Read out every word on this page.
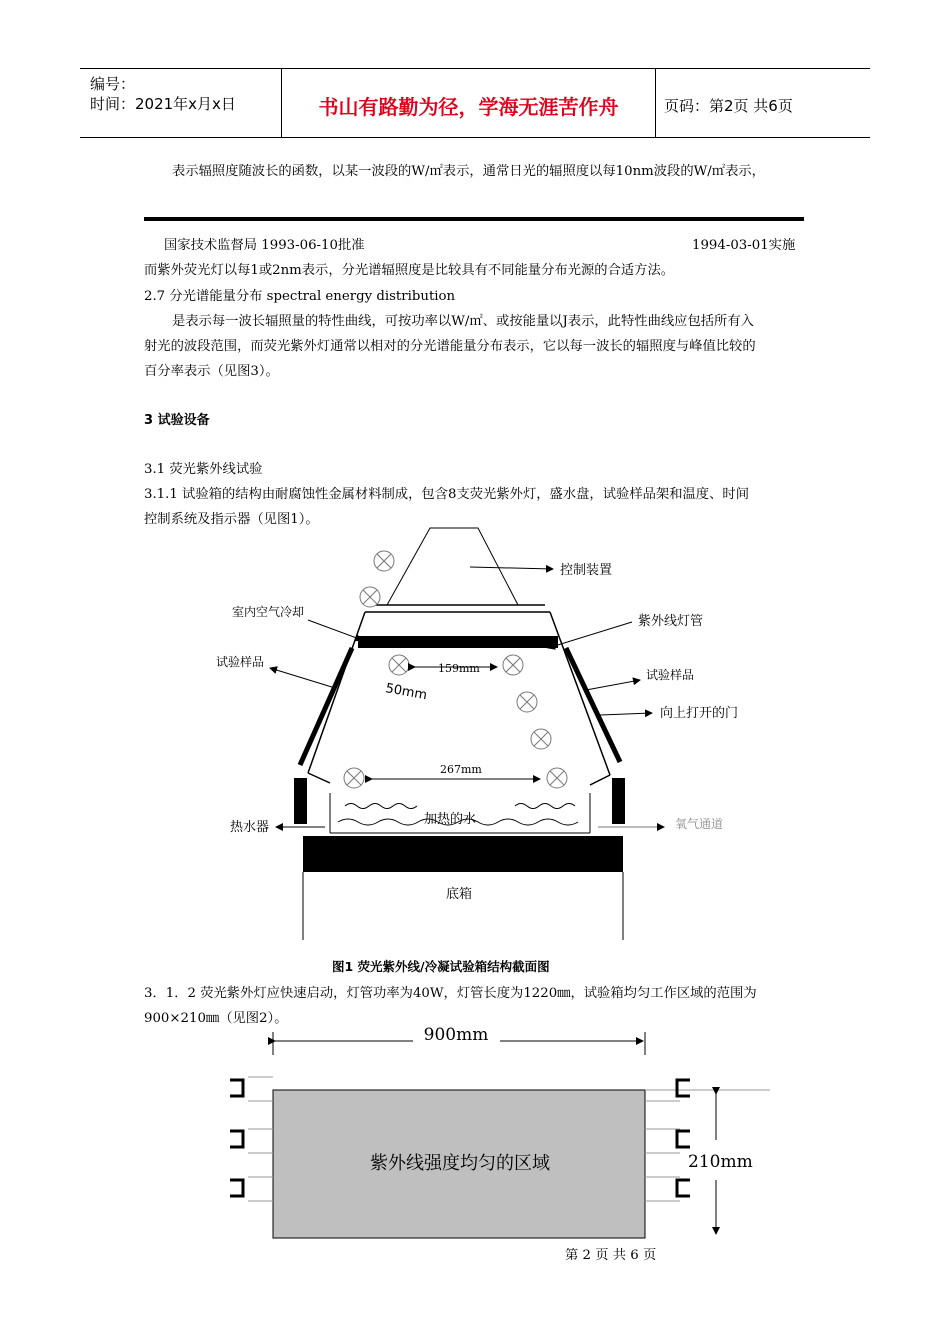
编号：
时间：2021年x月x日	书山有路勤为径，学海无涯苦作舟	页码：第2页 共6页
表示辐照度随波长的函数，以某一波段的W/㎡表示，通常日光的辐照度以每10nm波段的W/㎡表示，
国家技术监督局 1993-06-10批准	1994-03-01实施
而紫外荧光灯以每1或2nm表示，分光谱辐照度是比较具有不同能量分布光源的合适方法。
2.7 分光谱能量分布 spectral energy distribution
是表示每一波长辐照量的特性曲线，可按功率以W/㎡、或按能量以J表示，此特性曲线应包括所有入
射光的波段范围，而荧光紫外灯通常以相对的分光谱能量分布表示，它以每一波长的辐照度与峰值比较的
百分率表示（见图3）。
3 试验设备
3.1 荧光紫外线试验
3.1.1 试验箱的结构由耐腐蚀性金属材料制成，包含8支荧光紫外灯，盛水盘，试验样品架和温度、时间
控制系统及指示器（见图1）。
控制装置
室内空气冷却
紫外线灯管
试验样品
试验样品
159mm
50mm
向上打开的门
267mm
加热的水
热水器	氧气通道
底箱
900mm
紫外线强度均匀的区域	210mm
图1 荧光紫外线/冷凝试验箱结构截面图
3．1．2 荧光紫外灯应快速启动，灯管功率为40W，灯管长度为1220㎜，试验箱均匀工作区域的范围为
900×210㎜（见图2）。
第 2 页 共 6 页
